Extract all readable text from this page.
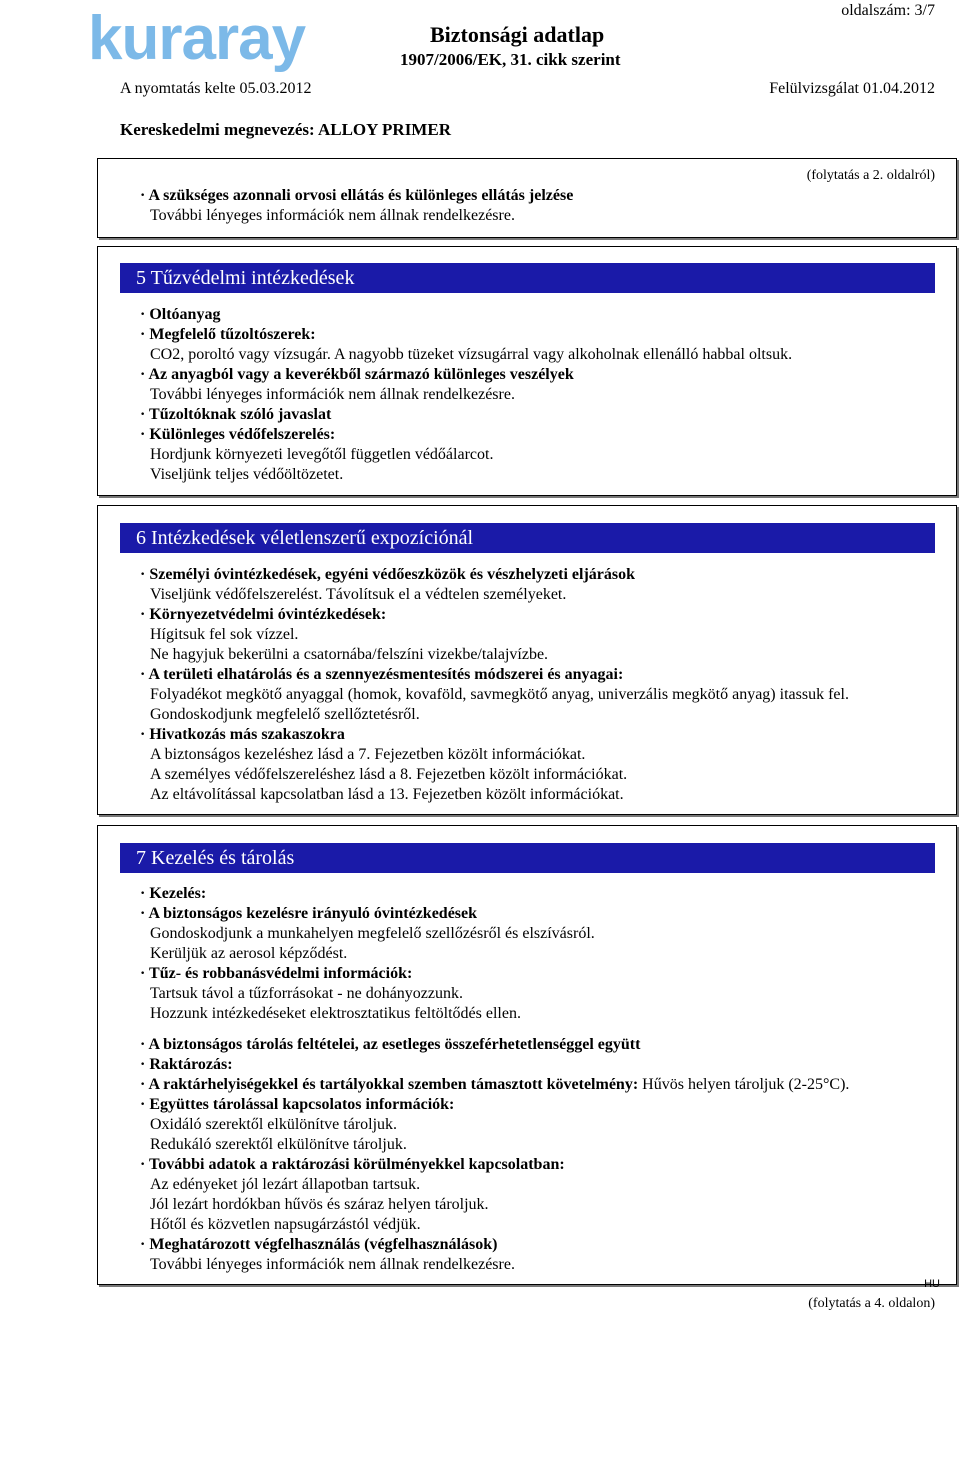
kuraray	Biztonsági adatlap
1907/2006/EK, 31. cikk szerint
oldalszám: 3/7
A nyomtatás kelte 05.03.2012	Felülvizsgálat 01.04.2012
Kereskedelmi megnevezés: ALLOY PRIMER
(folytatás a 2. oldalról)
· A szükséges azonnali orvosi ellátás és különleges ellátás jelzése
További lényeges információk nem állnak rendelkezésre.
5 Tűzvédelmi intézkedések
· Oltóanyag
· Megfelelő tűzoltószerek:
CO2, poroltó vagy vízsugár. A nagyobb tüzeket vízsugárral vagy alkoholnak ellenálló habbal oltsuk.
· Az anyagból vagy a keverékből származó különleges veszélyek
További lényeges információk nem állnak rendelkezésre.
· Tűzoltóknak szóló javaslat
· Különleges védőfelszerelés:
Hordjunk környezeti levegőtől független védőálarcot.
Viseljünk teljes védőöltözetet.
6 Intézkedések véletlenszerű expozíciónál
· Személyi óvintézkedések, egyéni védőeszközök és vészhelyzeti eljárások
Viseljünk védőfelszerelést. Távolítsuk el a védtelen személyeket.
· Környezetvédelmi óvintézkedések:
Hígitsuk fel sok vízzel.
Ne hagyjuk bekerülni a csatornába/felszíni vizekbe/talajvízbe.
· A területi elhatárolás és a szennyezésmentesítés módszerei és anyagai:
Folyadékot megkötő anyaggal (homok, kovaföld, savmegkötő anyag, univerzális megkötő anyag) itassuk fel.
Gondoskodjunk megfelelő szellőztetésről.
· Hivatkozás más szakaszokra
A biztonságos kezeléshez lásd a 7. Fejezetben közölt információkat.
A személyes védőfelszereléshez lásd a 8. Fejezetben közölt információkat.
Az eltávolítással kapcsolatban lásd a 13. Fejezetben közölt információkat.
7 Kezelés és tárolás
· Kezelés:
· A biztonságos kezelésre irányuló óvintézkedések
Gondoskodjunk a munkahelyen megfelelő szellőzésről és elszívásról.
Kerüljük az aerosol képződést.
· Tűz- és robbanásvédelmi információk:
Tartsuk távol a tűzforrásokat - ne dohányozzunk.
Hozzunk intézkedéseket elektrosztatikus feltöltődés ellen.
· A biztonságos tárolás feltételei, az esetleges összeférhetetlenséggel együtt
· Raktározás:
· A raktárhelyiségekkel és tartályokkal szemben támasztott követelmény: Hűvös helyen tároljuk (2-25°C).
· Együttes tárolással kapcsolatos információk:
Oxidáló szerektől elkülönítve tároljuk.
Redukáló szerektől elkülönítve tároljuk.
· További adatok a raktározási körülményekkel kapcsolatban:
Az edényeket jól lezárt állapotban tartsuk.
Jól lezárt hordókban hűvös és száraz helyen tároljuk.
Hőtől és közvetlen napsugárzástól védjük.
· Meghatározott végfelhasználás (végfelhasználások)
További lényeges információk nem állnak rendelkezésre.
HU
(folytatás a 4. oldalon)
